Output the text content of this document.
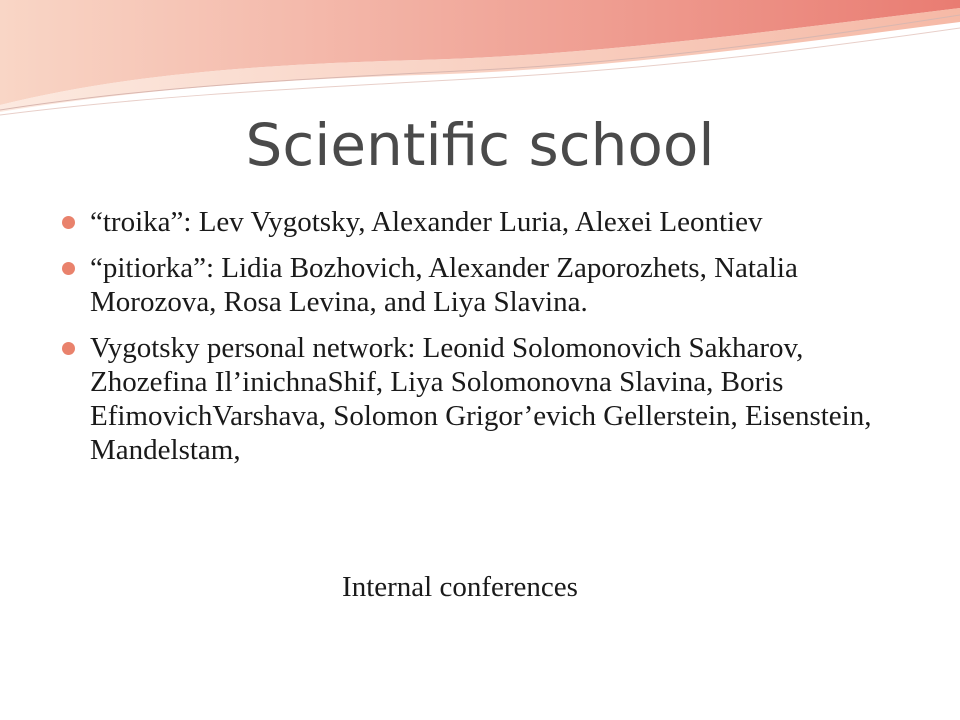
Scientific school
“troika”: Lev Vygotsky, Alexander Luria, Alexei Leontiev
“pitiorka”: Lidia Bozhovich, Alexander Zaporozhets, Natalia Morozova, Rosa Levina, and Liya Slavina.
Vygotsky personal network: Leonid Solomonovich Sakharov, Zhozefina Il’inichnaShif, Liya Solomonovna Slavina, Boris EfimovichVarshava, Solomon Grigor’evich Gellerstein, Eisenstein, Mandelstam,
Internal conferences
